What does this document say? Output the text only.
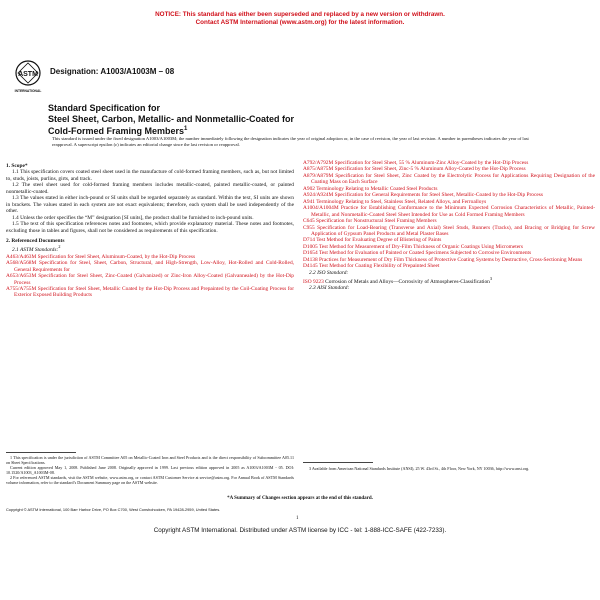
NOTICE: This standard has either been superseded and replaced by a new version or withdrawn.
Contact ASTM International (www.astm.org) for the latest information.
ASTM
INTERNATIONAL
Designation: A1003/A1003M – 08
Standard Specification for
Steel Sheet, Carbon, Metallic- and Nonmetallic-Coated for
Cold-Formed Framing Members$^1$
This standard is issued under the fixed designation A1003/A1003M; the number immediately following the designation indicates the year of original adoption or, in the case of revision, the year of last revision. A number in parentheses indicates the year of last reapproval. A superscript epsilon (ε) indicates an editorial change since the last revision or reapproval.
1. Scope*

1.1 This specification covers coated steel sheet used in the manufacture of cold-formed framing members, such as, but not limited to, studs, joists, purlins, girts, and track.

1.2 The steel sheet used for cold-formed framing members includes metallic-coated, painted metallic-coated, or painted nonmetallic-coated.

1.3 The values stated in either inch-pound or SI units shall be regarded separately as standard. Within the text, SI units are shown in brackets. The values stated in each system are not exact equivalents; therefore, each system shall be used independently of the other.

1.4 Unless the order specifies the “M” designation [SI units], the product shall be furnished to inch-pound units.

1.5 The text of this specification references notes and footnotes, which provide explanatory material. These notes and footnotes, excluding those in tables and figures, shall not be considered as requirements of this specification.

2. Referenced Documents
2.1 ASTM Standards:$^2$
A463/A463M Specification for Steel Sheet, Aluminum-Coated, by the Hot-Dip Process
A568/A568M Specification for Steel, Sheet, Carbon, Structural, and High-Strength, Low-Alloy, Hot-Rolled and Cold-Rolled, General Requirements for
A653/A653M Specification for Steel Sheet, Zinc-Coated (Galvanized) or Zinc-Iron Alloy-Coated (Galvannealed) by the Hot-Dip Process
A755/A755M Specification for Steel Sheet, Metallic Coated by the Hot-Dip Process and Prepainted by the Coil-Coating Process for Exterior Exposed Building Products
A792/A792M Specification for Steel Sheet, 55 % Aluminum-Zinc Alloy-Coated by the Hot-Dip Process
A875/A875M Specification for Steel Sheet, Zinc-5 % Aluminum Alloy-Coated by the Hot-Dip Process
A879/A879M Specification for Steel Sheet, Zinc Coated by the Electrolytic Process for Applications Requiring Designation of the Coating Mass on Each Surface
A902 Terminology Relating to Metallic Coated Steel Products
A924/A924M Specification for General Requirements for Steel Sheet, Metallic-Coated by the Hot-Dip Process
A941 Terminology Relating to Steel, Stainless Steel, Related Alloys, and Ferroalloys
A1004/A1004M Practice for Establishing Conformance to the Minimum Expected Corrosion Characteristics of Metallic, Painted-Metallic, and Nonmetallic-Coated Steel Sheet Intended for Use as Cold Formed Framing Members
C645 Specification for Nonstructural Steel Framing Members
C955 Specification for Load-Bearing (Transverse and Axial) Steel Studs, Runners (Tracks), and Bracing or Bridging for Screw Application of Gypsum Panel Products and Metal Plaster Bases
D714 Test Method for Evaluating Degree of Blistering of Paints
D1005 Test Method for Measurement of Dry-Film Thickness of Organic Coatings Using Micrometers
D1654 Test Method for Evaluation of Painted or Coated Specimens Subjected to Corrosive Environments
D4138 Practices for Measurement of Dry Film Thickness of Protective Coating Systems by Destructive, Cross-Sectioning Means
D4145 Test Method for Coating Flexibility of Prepainted Sheet
2.2 ISO Standard:
ISO 9223 Corrosion of Metals and Alloys—Corrosivity of Atmospheres-Classification$^3$
2.3 AISI Standard:

1 This specification is under the jurisdiction of ASTM Committee A05 on Metallic-Coated Iron and Steel Products and is the direct responsibility of Subcommittee A05.11 on Sheet Specifications.

Current edition approved May 1, 2008. Published June 2008. Originally approved in 1999. Last previous edition approved in 2005 as A1003/A1003M - 05. DOI: 10.1520/A1003_A1003M-08.

2 For referenced ASTM standards, visit the ASTM website, www.astm.org, or contact ASTM Customer Service at service@astm.org. For Annual Book of ASTM Standards volume information, refer to the standard’s Document Summary page on the ASTM website.

3 Available from American National Standards Institute (ANSI), 25 W. 43rd St., 4th Floor, New York, NY 10036, http://www.ansi.org.

*A Summary of Changes section appears at the end of this standard.
Copyright © ASTM International, 100 Barr Harbor Drive, PO Box C700, West Conshohocken, PA 19428-2959, United States.
1
Copyright ASTM International. Distributed under ASTM license by ICC - tel: 1-888-ICC-SAFE (422-7233).
